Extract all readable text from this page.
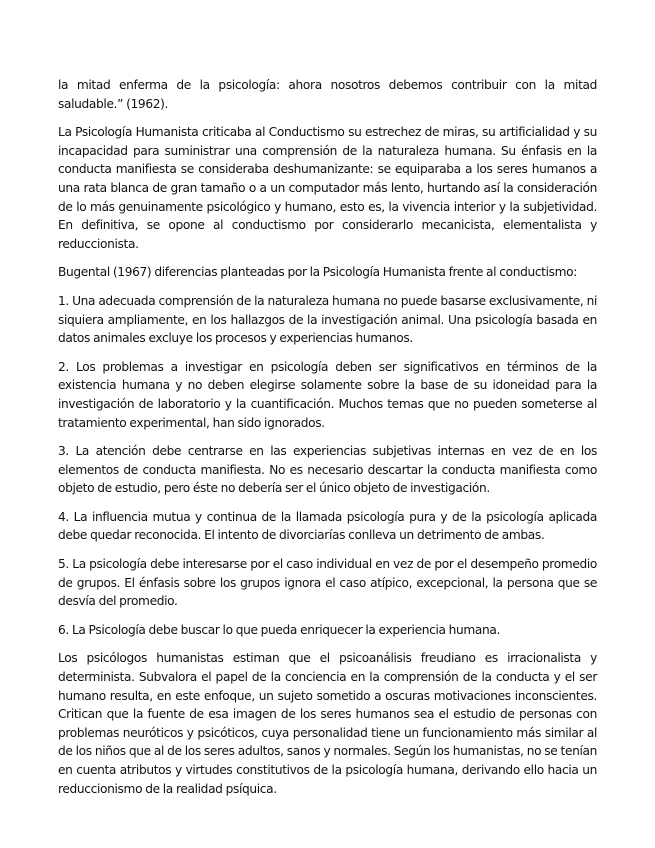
la mitad enferma de la psicología: ahora nosotros debemos contribuir con la mitad saludable.” (1962).

La Psicología Humanista criticaba al Conductismo su estrechez de miras, su artificialidad y su incapacidad para suministrar una comprensión de la naturaleza humana. Su énfasis en la conducta manifiesta se consideraba deshumanizante: se equiparaba a los seres humanos a una rata blanca de gran tamaño o a un computador más lento, hurtando así la consideración de lo más genuinamente psicológico y humano, esto es, la vivencia interior y la subjetividad. En definitiva, se opone al conductismo por considerarlo mecanicista, elementalista y reduccionista.

Bugental (1967) diferencias planteadas por la Psicología Humanista frente al conductismo:

1. Una adecuada comprensión de la naturaleza humana no puede basarse exclusivamente, ni siquiera ampliamente, en los hallazgos de la investigación animal. Una psicología basada en datos animales excluye los procesos y experiencias humanos.

2. Los problemas a investigar en psicología deben ser significativos en términos de la existencia humana y no deben elegirse solamente sobre la base de su idoneidad para la investigación de laboratorio y la cuantificación. Muchos temas que no pueden someterse al tratamiento experimental, han sido ignorados.

3. La atención debe centrarse en las experiencias subjetivas internas en vez de en los elementos de conducta manifiesta. No es necesario descartar la conducta manifiesta como objeto de estudio, pero éste no debería ser el único objeto de investigación.

4. La influencia mutua y continua de la llamada psicología pura y de la psicología aplicada debe quedar reconocida. El intento de divorciarías conlleva un detrimento de ambas.

5. La psicología debe interesarse por el caso individual en vez de por el desempeño promedio de grupos. El énfasis sobre los grupos ignora el caso atípico, excepcional, la persona que se desvía del promedio.

6. La Psicología debe buscar lo que pueda enriquecer la experiencia humana.

Los psicólogos humanistas estiman que el psicoanálisis freudiano es irracionalista y determinista. Subvalora el papel de la conciencia en la comprensión de la conducta y el ser humano resulta, en este enfoque, un sujeto sometido a oscuras motivaciones inconscientes. Critican que la fuente de esa imagen de los seres humanos sea el estudio de personas con problemas neuróticos y psicóticos, cuya personalidad tiene un funcionamiento más similar al de los niños que al de los seres adultos, sanos y normales. Según los humanistas, no se tenían en cuenta atributos y virtudes constitutivos de la psicología humana, derivando ello hacia un reduccionismo de la realidad psíquica.
